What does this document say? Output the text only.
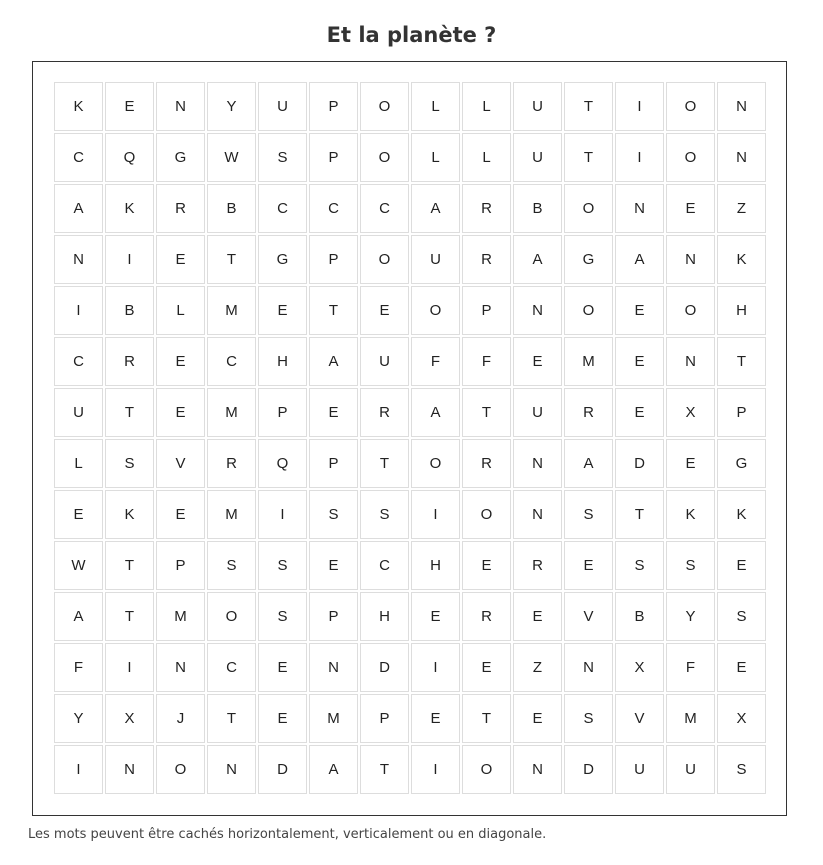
Et la planète ?
K	E	N	Y	U	P	O	L	L	U	T	I	O	N
C	Q	G	W	S	P	O	L	L	U	T	I	O	N
A	K	R	B	C	C	C	A	R	B	O	N	E	Z
N	I	E	T	G	P	O	U	R	A	G	A	N	K
I	B	L	M	E	T	E	O	P	N	O	E	O	H
C	R	E	C	H	A	U	F	F	E	M	E	N	T
U	T	E	M	P	E	R	A	T	U	R	E	X	P
L	S	V	R	Q	P	T	O	R	N	A	D	E	G
E	K	E	M	I	S	S	I	O	N	S	T	K	K
W	T	P	S	S	E	C	H	E	R	E	S	S	E
A	T	M	O	S	P	H	E	R	E	V	B	Y	S
F	I	N	C	E	N	D	I	E	Z	N	X	F	E
Y	X	J	T	E	M	P	E	T	E	S	V	M	X
I	N	O	N	D	A	T	I	O	N	D	U	U	S

Les mots peuvent être cachés horizontalement, verticalement ou en diagonale.
